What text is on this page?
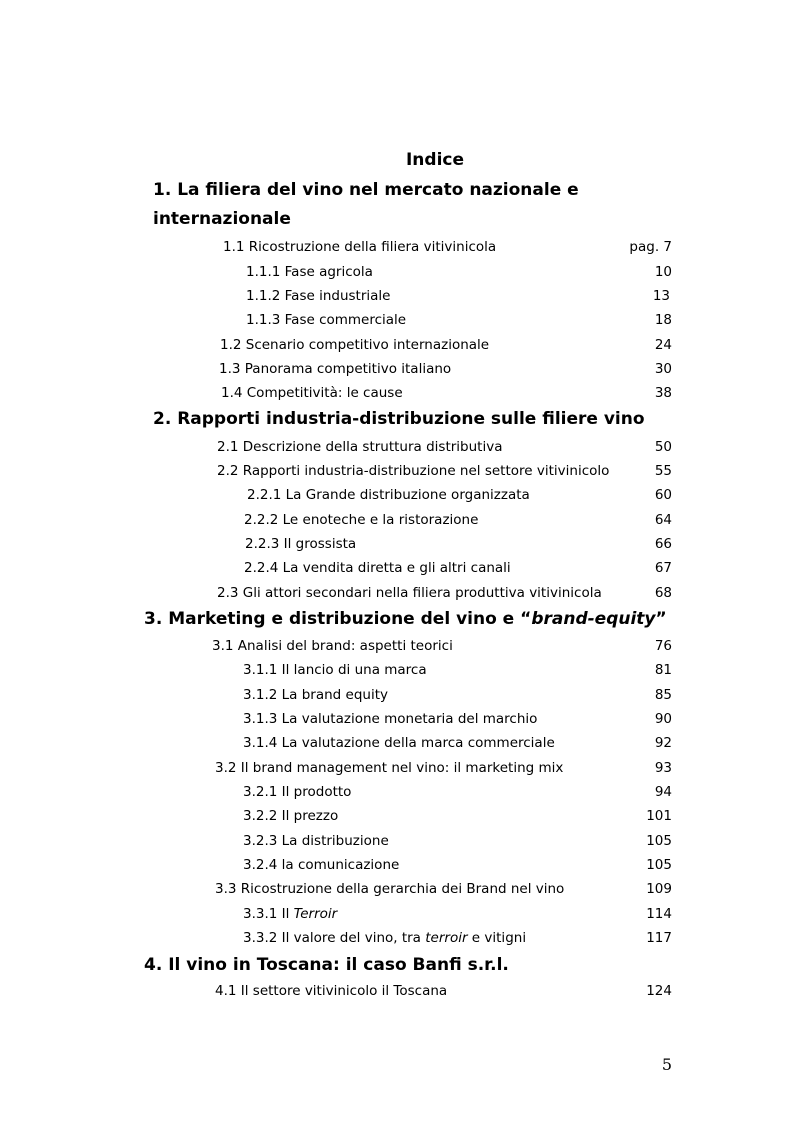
Indice
1. La filiera del vino nel mercato nazionale e
internazionale
1.1 Ricostruzione della filiera vitivinicola	pag. 7
1.1.1 Fase agricola	10
1.1.2 Fase industriale	13
1.1.3 Fase commerciale	18
1.2 Scenario competitivo internazionale	24
1.3 Panorama competitivo italiano	30
1.4 Competitività: le cause	38
2. Rapporti industria-distribuzione sulle filiere vino
2.1 Descrizione della struttura distributiva	50
2.2 Rapporti industria-distribuzione nel settore vitivinicolo	55
2.2.1 La Grande distribuzione organizzata	60
2.2.2 Le enoteche e la ristorazione	64
2.2.3 Il grossista	66
2.2.4 La vendita diretta e gli altri canali	67
2.3 Gli attori secondari nella filiera produttiva vitivinicola	68
3. Marketing e distribuzione del vino e “brand-equity”
3.1 Analisi del brand: aspetti teorici	76
3.1.1 Il lancio di una marca	81
3.1.2 La brand equity	85
3.1.3 La valutazione monetaria del marchio	90
3.1.4 La valutazione della marca commerciale	92
3.2 Il brand management nel vino: il marketing mix	93
3.2.1 Il prodotto	94
3.2.2 Il prezzo	101
3.2.3 La distribuzione	105
3.2.4 la comunicazione	105
3.3 Ricostruzione della gerarchia dei Brand nel vino	109
3.3.1 Il Terroir	114
3.3.2 Il valore del vino, tra terroir e vitigni	117
4. Il vino in Toscana: il caso Banfi s.r.l.
4.1 Il settore vitivinicolo il Toscana	124
5
